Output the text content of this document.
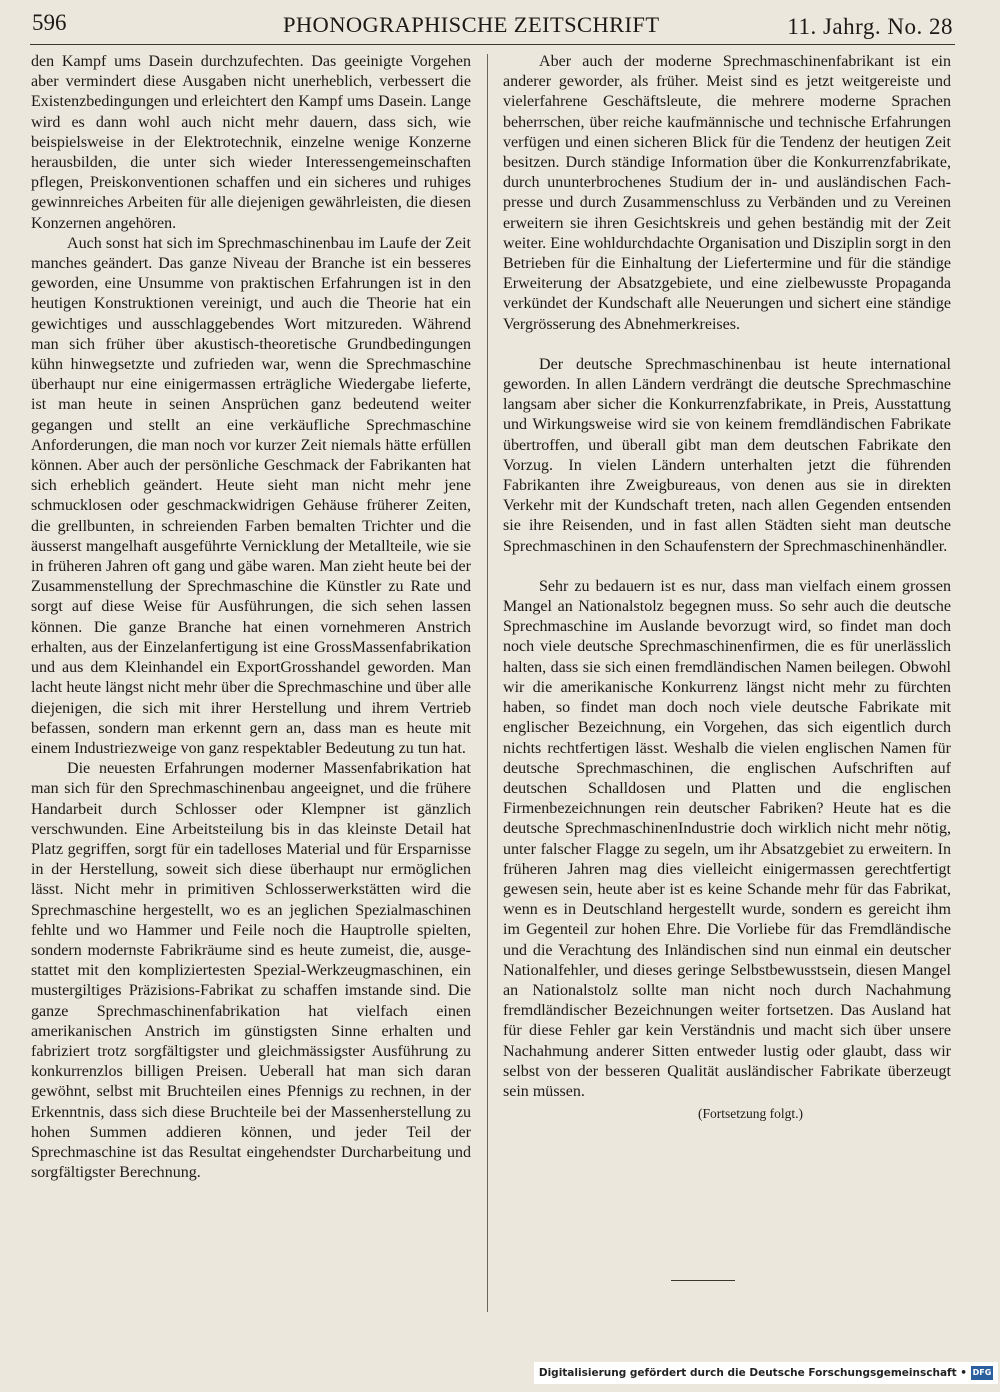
596	PHONOGRAPHISCHE ZEITSCHRIFT	11. Jahrg. No. 28

den Kampf ums Dasein durchzufechten. Das geeinigte Vorgehen aber vermindert diese Ausgaben nicht unerheblich, verbessert die Existenzbedingungen und erleichtert den Kampf ums Dasein. Lange wird es dann wohl auch nicht mehr dauern, dass sich, wie beispielsweise in der Elektrotechnik, einzelne wenige Konzerne herausbilden, die unter sich wieder Interessengemeinschaften pflegen, Preiskonventionen schaffen und ein sicheres und ruhiges gewinnreiches Arbeiten für alle diejenigen gewährleisten, die diesen Konzernen angehören.

Auch sonst hat sich im Sprechmaschinenbau im Laufe der Zeit manches geändert. Das ganze Niveau der Branche ist ein besseres geworden, eine Unsumme von praktischen Erfahrungen ist in den heutigen Konstruktionen vereinigt, und auch die Theorie hat ein gewichtiges und ausschlaggebendes Wort mitzureden. Während man sich früher über akustisch-theoretische Grundbedingungen kühn hinwegsetzte und zufrieden war, wenn die Sprechmaschine überhaupt nur eine einigermassen erträgliche Wiedergabe lieferte, ist man heute in seinen Ansprüchen ganz bedeutend weiter gegangen und stellt an eine verkäufliche Sprechmaschine Anforderungen, die man noch vor kurzer Zeit niemals hätte erfüllen können. Aber auch der persönliche Geschmack der Fabrikanten hat sich erheblich geändert. Heute sieht man nicht mehr jene schmucklosen oder geschmackwidrigen Gehäuse früherer Zeiten, die grellbunten, in schreienden Farben bemalten Trichter und die äusserst mangelhaft ausgeführte Vernicklung der Metallteile, wie sie in früheren Jahren oft gang und gäbe waren. Man zieht heute bei der Zusammenstellung der Sprechmaschine die Künstler zu Rate und sorgt auf diese Weise für Ausführungen, die sich sehen lassen können. Die ganze Branche hat einen vornehmeren Anstrich erhalten, aus der Einzelanfertigung ist eine GrossMassenfabrikation und aus dem Kleinhandel ein ExportGrosshandel geworden. Man lacht heute längst nicht mehr über die Sprechmaschine und über alle diejenigen, die sich mit ihrer Herstellung und ihrem Vertrieb befassen, sondern man erkennt gern an, dass man es heute mit einem Industriezweige von ganz respektabler Bedeutung zu tun hat.

Die neuesten Erfahrungen moderner Massenfabrikation hat man sich für den Sprechmaschinenbau angeeignet, und die frühere Handarbeit durch Schlosser oder Klempner ist gänzlich verschwunden. Eine Arbeitsteilung bis in das kleinste Detail hat Platz gegriffen, sorgt für ein tadelloses Material und für Ersparnisse in der Herstellung, soweit sich diese überhaupt nur ermöglichen lässt. Nicht mehr in primitiven Schlosserwerkstätten wird die Sprechmaschine hergestellt, wo es an jeglichen Spezialmaschinen fehlte und wo Hammer und Feile noch die Hauptrolle spielten, sondern modernste Fabrikräume sind es heute zumeist, die, ausgestattet mit den kompliziertesten Spezial-Werkzeugmaschinen, ein mustergiltiges Präzisions-Fabrikat zu schaffen imstande sind. Die ganze Sprechmaschinenfabrikation hat vielfach einen amerikanischen Anstrich im günstigsten Sinne erhalten und fabriziert trotz sorgfältigster und gleichmässigster Ausführung zu konkurrenzlos billigen Preisen. Ueberall hat man sich daran gewöhnt, selbst mit Bruchteilen eines Pfennigs zu rechnen, in der Erkenntnis, dass sich diese Bruchteile bei der Massenherstellung zu hohen Summen addieren können, und jeder Teil der Sprechmaschine ist das Resultat eingehendster Durcharbeitung und sorgfältigster Berechnung.

Aber auch der moderne Sprechmaschinenfabrikant ist ein anderer geworder, als früher. Meist sind es jetzt weitgereiste und vielerfahrene Geschäftsleute, die mehrere moderne Sprachen beherrschen, über reiche kaufmännische und technische Erfahrungen verfügen und einen sicheren Blick für die Tendenz der heutigen Zeit besitzen. Durch ständige Information über die Konkurrenzfabrikate, durch ununterbrochenes Studium der in- und ausländischen Fachpresse und durch Zusammenschluss zu Verbänden und zu Vereinen erweitern sie ihren Gesichtskreis und gehen beständig mit der Zeit weiter. Eine wohldurchdachte Organisation und Disziplin sorgt in den Betrieben für die Einhaltung der Liefertermine und für die ständige Erweiterung der Absatzgebiete, und eine zielbewusste Propaganda verkündet der Kundschaft alle Neuerungen und sichert eine ständige Vergrösserung des Abnehmerkreises.

Der deutsche Sprechmaschinenbau ist heute international geworden. In allen Ländern verdrängt die deutsche Sprechmaschine langsam aber sicher die Konkurrenzfabrikate, in Preis, Ausstattung und Wirkungsweise wird sie von keinem fremdländischen Fabrikate übertroffen, und überall gibt man dem deutschen Fabrikate den Vorzug. In vielen Ländern unterhalten jetzt die führenden Fabrikanten ihre Zweigbureaus, von denen aus sie in direkten Verkehr mit der Kundschaft treten, nach allen Gegenden entsenden sie ihre Reisenden, und in fast allen Städten sieht man deutsche Sprechmaschinen in den Schaufenstern der Sprechmaschinenhändler.

Sehr zu bedauern ist es nur, dass man vielfach einem grossen Mangel an Nationalstolz begegnen muss. So sehr auch die deutsche Sprechmaschine im Auslande bevorzugt wird, so findet man doch noch viele deutsche Sprechmaschinenfirmen, die es für unerlässlich halten, dass sie sich einen fremdländischen Namen beilegen. Obwohl wir die amerikanische Konkurrenz längst nicht mehr zu fürchten haben, so findet man doch noch viele deutsche Fabrikate mit englischer Bezeichnung, ein Vorgehen, das sich eigentlich durch nichts rechtfertigen lässt. Weshalb die vielen englischen Namen für deutsche Sprechmaschinen, die englischen Aufschriften auf deutschen Schalldosen und Platten und die englischen Firmenbezeichnungen rein deutscher Fabriken? Heute hat es die deutsche SprechmaschinenIndustrie doch wirklich nicht mehr nötig, unter falscher Flagge zu segeln, um ihr Absatzgebiet zu erweitern. In früheren Jahren mag dies vielleicht einigermassen gerechtfertigt gewesen sein, heute aber ist es keine Schande mehr für das Fabrikat, wenn es in Deutschland hergestellt wurde, sondern es gereicht ihm im Gegenteil zur hohen Ehre. Die Vorliebe für das Fremdländische und die Verachtung des Inländischen sind nun einmal ein deutscher Nationalfehler, und dieses geringe Selbstbewusstsein, diesen Mangel an Nationalstolz sollte man nicht noch durch Nachahmung fremdländischer Bezeichnungen weiter fortsetzen. Das Ausland hat für diese Fehler gar kein Verständnis und macht sich über unsere Nachahmung anderer Sitten entweder lustig oder glaubt, dass wir selbst von der besseren Qualität ausländischer Fabrikate überzeugt sein müssen.

(Fortsetzung folgt.)

Digitalisierung gefördert durch die Deutsche Forschungsgemeinschaft • DFG
